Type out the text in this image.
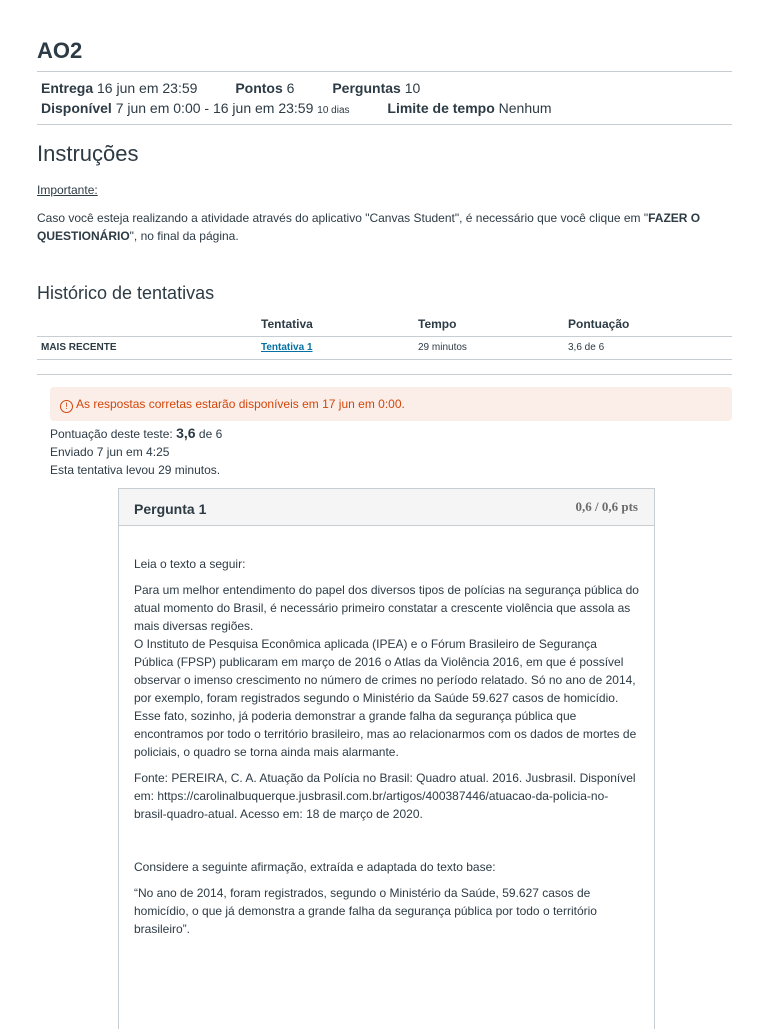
AO2
Entrega 16 jun em 23:59	Pontos 6	Perguntas 10
Disponível 7 jun em 0:00 - 16 jun em 23:59 10 dias	Limite de tempo Nenhum
Instruções
Importante:
Caso você esteja realizando a atividade através do aplicativo "Canvas Student", é necessário que você clique em "FAZER O QUESTIONÁRIO", no final da página.
Histórico de tentativas
	Tentativa	Tempo	Pontuação
MAIS RECENTE	Tentativa 1	29 minutos	3,6 de 6
! As respostas corretas estarão disponíveis em 17 jun em 0:00.
Pontuação deste teste: 3,6 de 6
Enviado 7 jun em 4:25
Esta tentativa levou 29 minutos.
Pergunta 1	0,6 / 0,6 pts

Leia o texto a seguir:

Para um melhor entendimento do papel dos diversos tipos de polícias na segurança pública do atual momento do Brasil, é necessário primeiro constatar a crescente violência que assola as mais diversas regiões.

O Instituto de Pesquisa Econômica aplicada (IPEA) e o Fórum Brasileiro de Segurança Pública (FPSP) publicaram em março de 2016 o Atlas da Violência 2016, em que é possível observar o imenso crescimento no número de crimes no período relatado. Só no ano de 2014, por exemplo, foram registrados segundo o Ministério da Saúde 59.627 casos de homicídio.

Esse fato, sozinho, já poderia demonstrar a grande falha da segurança pública que encontramos por todo o território brasileiro, mas ao relacionarmos com os dados de mortes de policiais, o quadro se torna ainda mais alarmante.

Fonte: PEREIRA, C. A. Atuação da Polícia no Brasil: Quadro atual. 2016. Jusbrasil. Disponível em: https://carolinalbuquerque.jusbrasil.com.br/artigos/400387446/atuacao-da-policia-no-brasil-quadro-atual. Acesso em: 18 de março de 2020.

Considere a seguinte afirmação, extraída e adaptada do texto base:

“No ano de 2014, foram registrados, segundo o Ministério da Saúde, 59.627 casos de homicídio, o que já demonstra a grande falha da segurança pública por todo o território brasileiro”.
